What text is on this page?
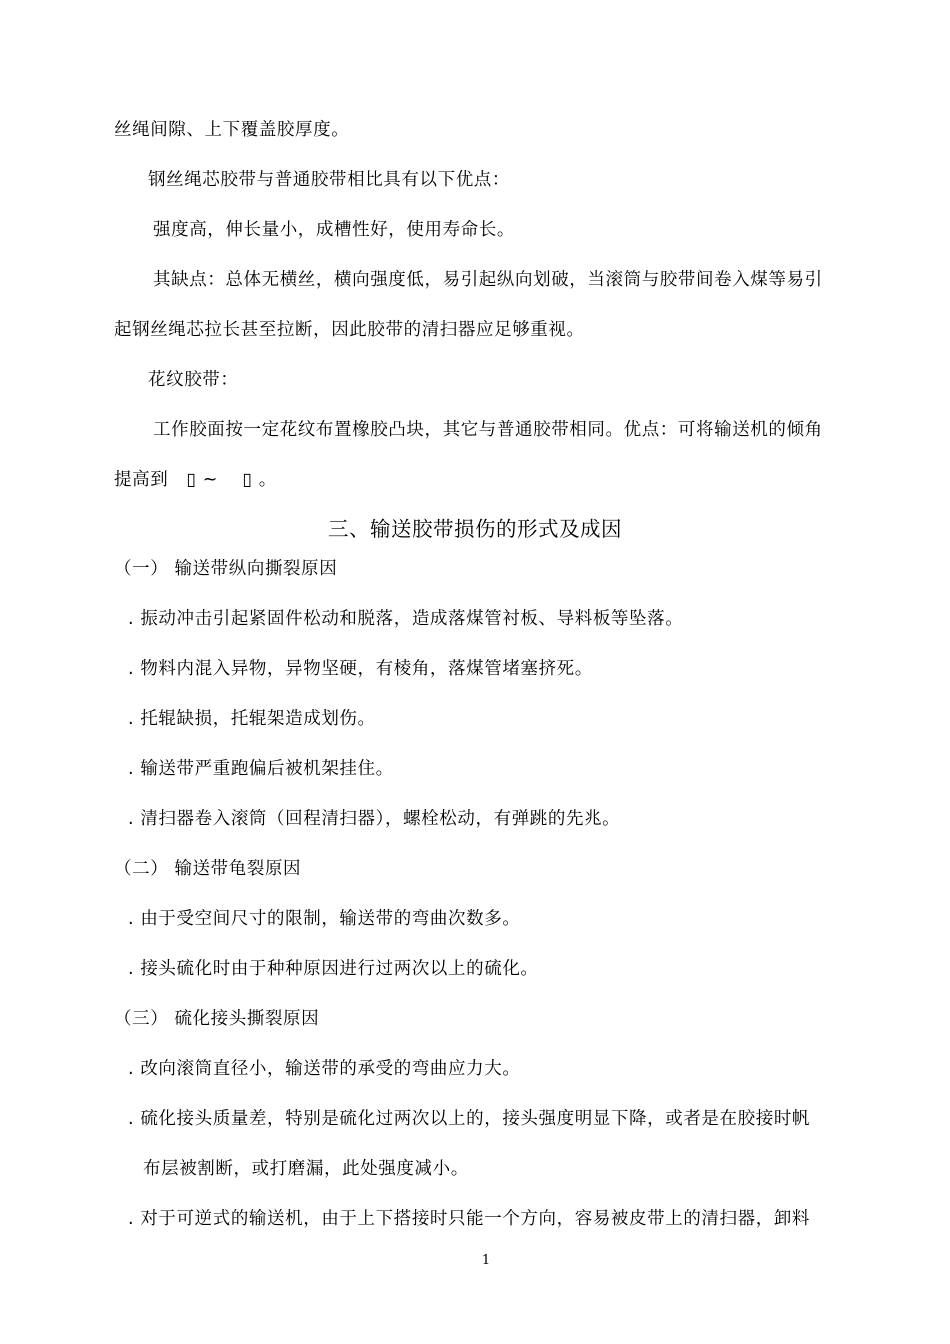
丝绳间隙、上下覆盖胶厚度。
钢丝绳芯胶带与普通胶带相比具有以下优点：
强度高，伸长量小，成槽性好，使用寿命长。
其缺点：总体无横丝，横向强度低，易引起纵向划破，当滚筒与胶带间卷入煤等易引
起钢丝绳芯拉长甚至拉断，因此胶带的清扫器应足够重视。
花纹胶带：
工作胶面按一定花纹布置橡胶凸块，其它与普通胶带相同。优点：可将输送机的倾角
提高到　▯ ~ 　▯ 。
三、输送胶带损伤的形式及成因
（一） 输送带纵向撕裂原因
. 振动冲击引起紧固件松动和脱落，造成落煤管衬板、导料板等坠落。
. 物料内混入异物，异物坚硬，有棱角，落煤管堵塞挤死。
. 托辊缺损，托辊架造成划伤。
. 输送带严重跑偏后被机架挂住。
. 清扫器卷入滚筒（回程清扫器），螺栓松动，有弹跳的先兆。
（二） 输送带龟裂原因
. 由于受空间尺寸的限制，输送带的弯曲次数多。
. 接头硫化时由于种种原因进行过两次以上的硫化。
（三） 硫化接头撕裂原因
. 改向滚筒直径小，输送带的承受的弯曲应力大。
. 硫化接头质量差，特别是硫化过两次以上的，接头强度明显下降，或者是在胶接时帆
布层被割断，或打磨漏，此处强度减小。
. 对于可逆式的输送机，由于上下搭接时只能一个方向，容易被皮带上的清扫器，卸料
1
